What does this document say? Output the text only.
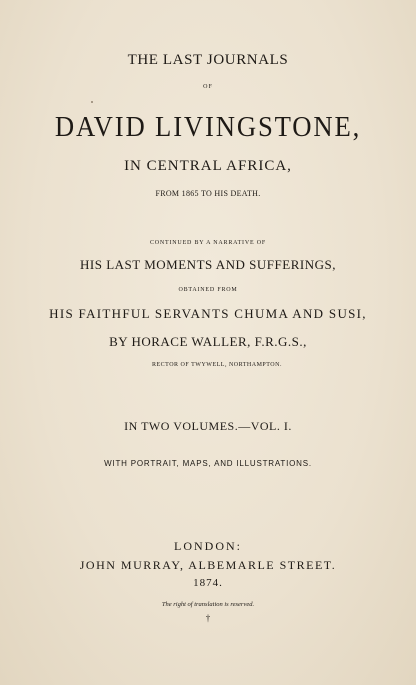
THE LAST JOURNALS
OF
DAVID LIVINGSTONE,
IN CENTRAL AFRICA,
FROM 1865 TO HIS DEATH.
CONTINUED BY A NARRATIVE OF
HIS LAST MOMENTS AND SUFFERINGS,
OBTAINED FROM
HIS FAITHFUL SERVANTS CHUMA AND SUSI,
BY HORACE WALLER, F.R.G.S.,
RECTOR OF TWYWELL, NORTHAMPTON.
IN TWO VOLUMES.—VOL. I.
WITH PORTRAIT, MAPS, AND ILLUSTRATIONS.
LONDON:
JOHN MURRAY, ALBEMARLE STREET.
1874.
The right of translation is reserved.
†
